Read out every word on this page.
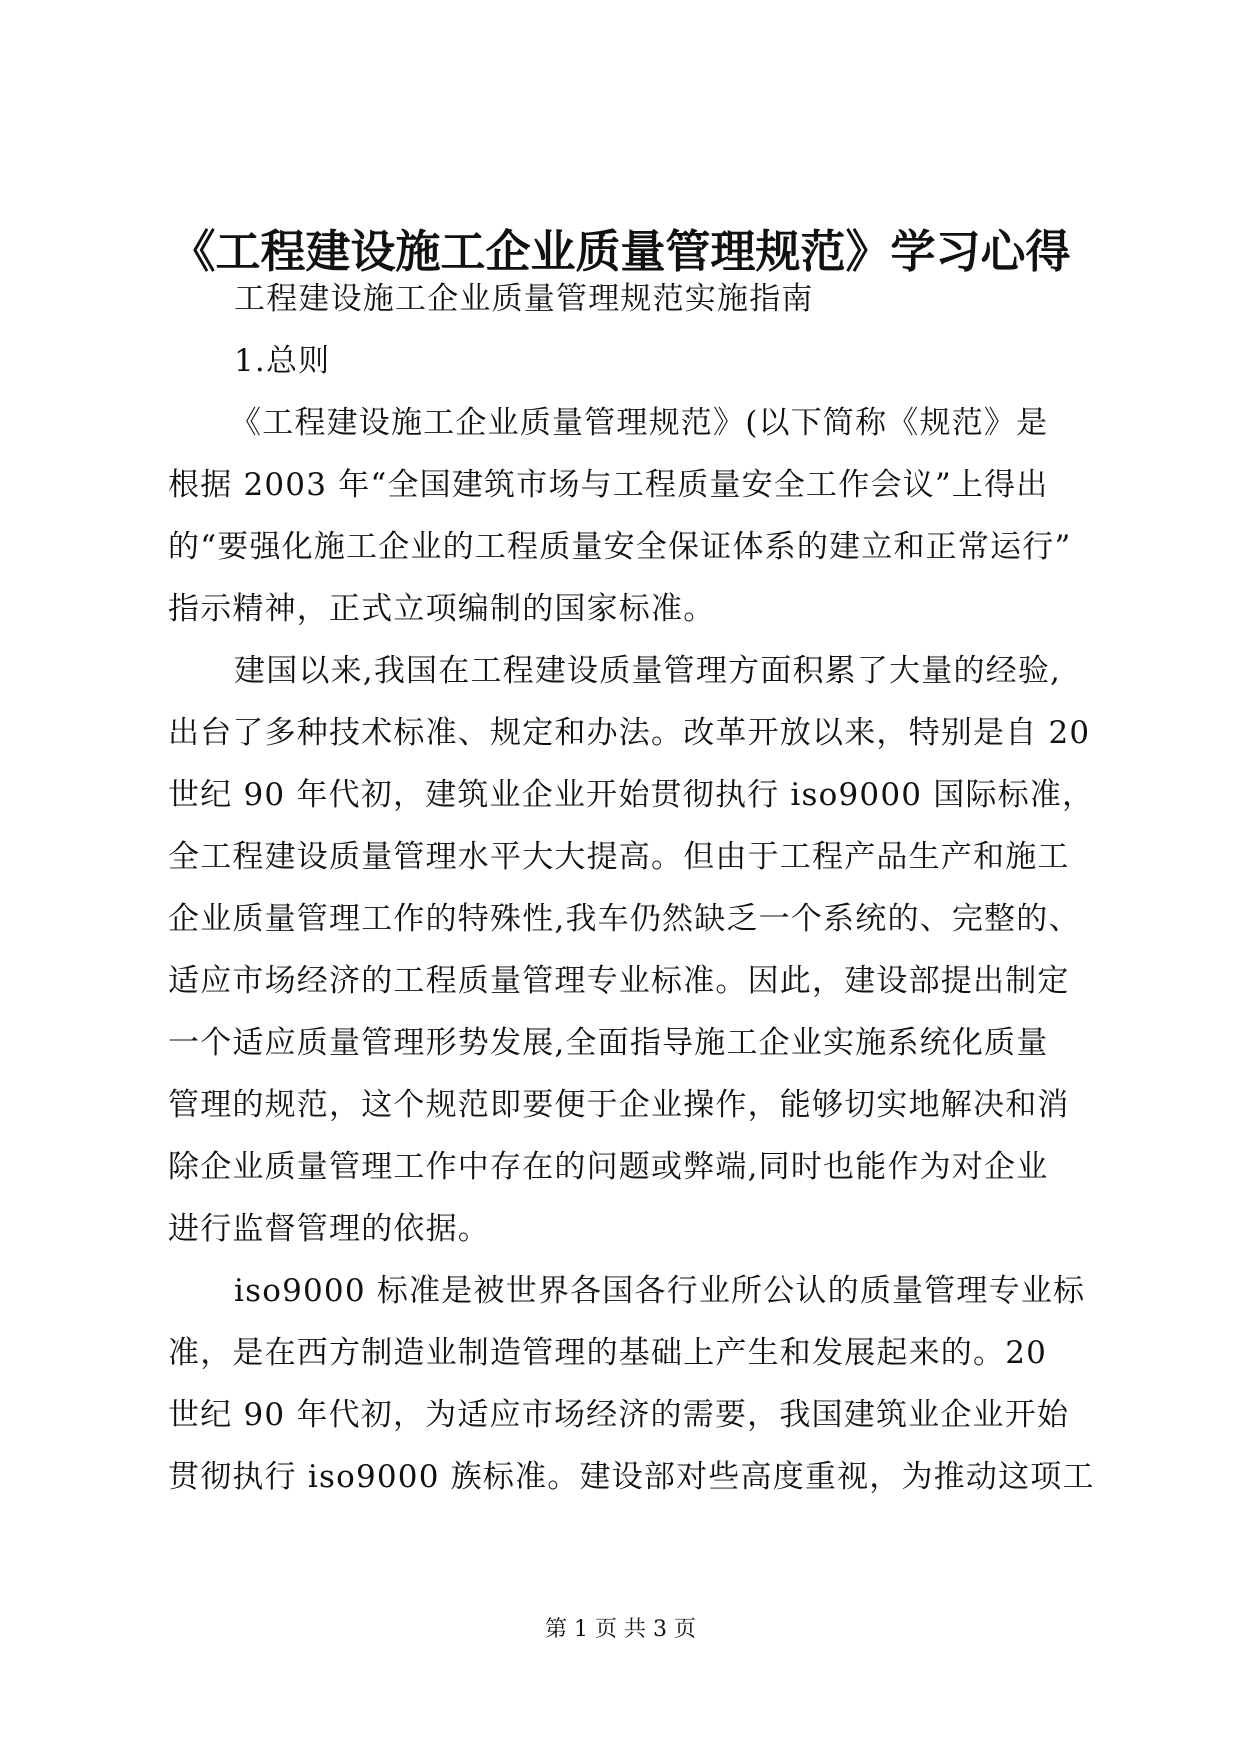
《工程建设施工企业质量管理规范》学习心得
工程建设施工企业质量管理规范实施指南
1.总则
《工程建设施工企业质量管理规范》(以下简称《规范》是
根据 2003 年“全国建筑市场与工程质量安全工作会议”上得出
的“要强化施工企业的工程质量安全保证体系的建立和正常运行”
指示精神，正式立项编制的国家标准。
建国以来,我国在工程建设质量管理方面积累了大量的经验,
出台了多种技术标准、规定和办法。改革开放以来，特别是自 20
世纪 90 年代初，建筑业企业开始贯彻执行 iso9000 国际标准，
全工程建设质量管理水平大大提高。但由于工程产品生产和施工
企业质量管理工作的特殊性,我车仍然缺乏一个系统的、完整的、
适应市场经济的工程质量管理专业标准。因此，建设部提出制定
一个适应质量管理形势发展,全面指导施工企业实施系统化质量
管理的规范，这个规范即要便于企业操作，能够切实地解决和消
除企业质量管理工作中存在的问题或弊端,同时也能作为对企业
进行监督管理的依据。
iso9000 标准是被世界各国各行业所公认的质量管理专业标
准，是在西方制造业制造管理的基础上产生和发展起来的。20
世纪 90 年代初，为适应市场经济的需要，我国建筑业企业开始
贯彻执行 iso9000 族标准。建设部对些高度重视，为推动这项工
第 1 页 共 3 页
